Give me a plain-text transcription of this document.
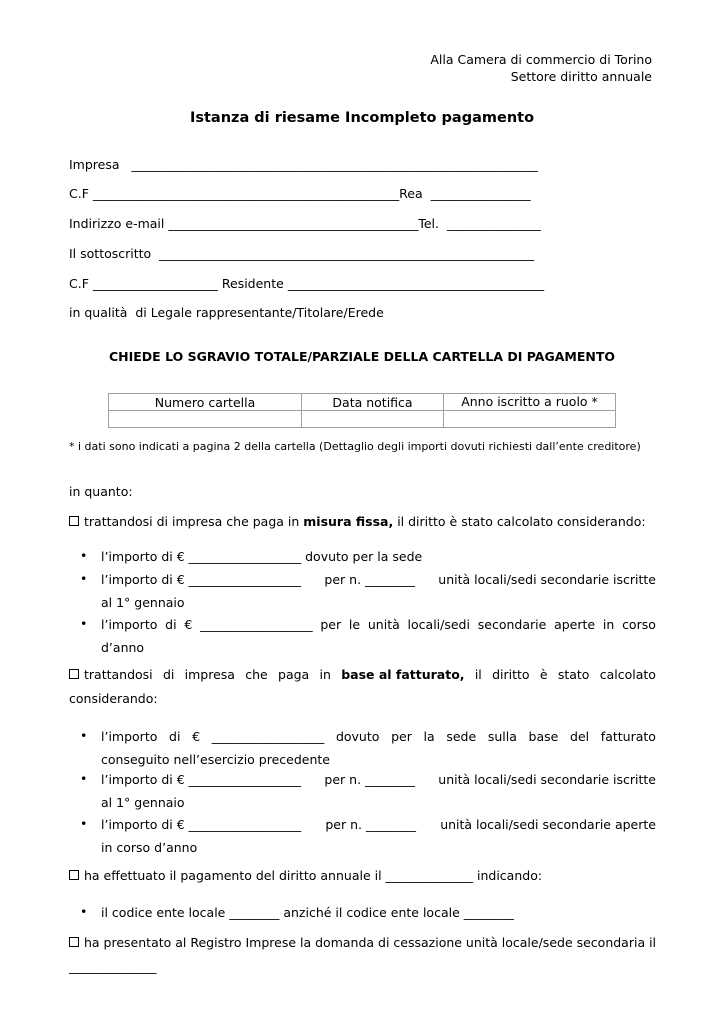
Alla Camera di commercio di Torino
Settore diritto annuale
Istanza di riesame Incompleto pagamento
Impresa _________________________________________________________________
C.F _________________________________________________Rea ________________
Indirizzo e-mail ________________________________________Tel. _______________
Il sottoscritto ____________________________________________________________
C.F ____________________ Residente _________________________________________
in qualità  di Legale rappresentante/Titolare/Erede
CHIEDE LO SGRAVIO TOTALE/PARZIALE DELLA CARTELLA DI PAGAMENTO
Numero cartella	Data notifica	Anno iscritto a ruolo *

* i dati sono indicati a pagina 2 della cartella (Dettaglio degli importi dovuti richiesti dall’ente creditore)
in quanto:
trattandosi di impresa che paga in misura fissa, il diritto è stato calcolato considerando:
l’importo di € __________________ dovuto per la sede
l’importo di € __________________ per n. ________ unità locali/sedi secondarie iscritte
al 1° gennaio
l’importo di € __________________ per le unità locali/sedi secondarie aperte in corso
d’anno
trattandosi di impresa che paga in base al fatturato, il diritto è stato calcolato
considerando:
l’importo di € __________________ dovuto per la sede sulla base del fatturato
conseguito nell’esercizio precedente
l’importo di € __________________ per n. ________ unità locali/sedi secondarie iscritte
al 1° gennaio
l’importo di € __________________ per n. ________ unità locali/sedi secondarie aperte
in corso d’anno
ha effettuato il pagamento del diritto annuale il ______________ indicando:
il codice ente locale ________ anziché il codice ente locale ________
ha presentato al Registro Imprese la domanda di cessazione unità locale/sede secondaria il
______________
